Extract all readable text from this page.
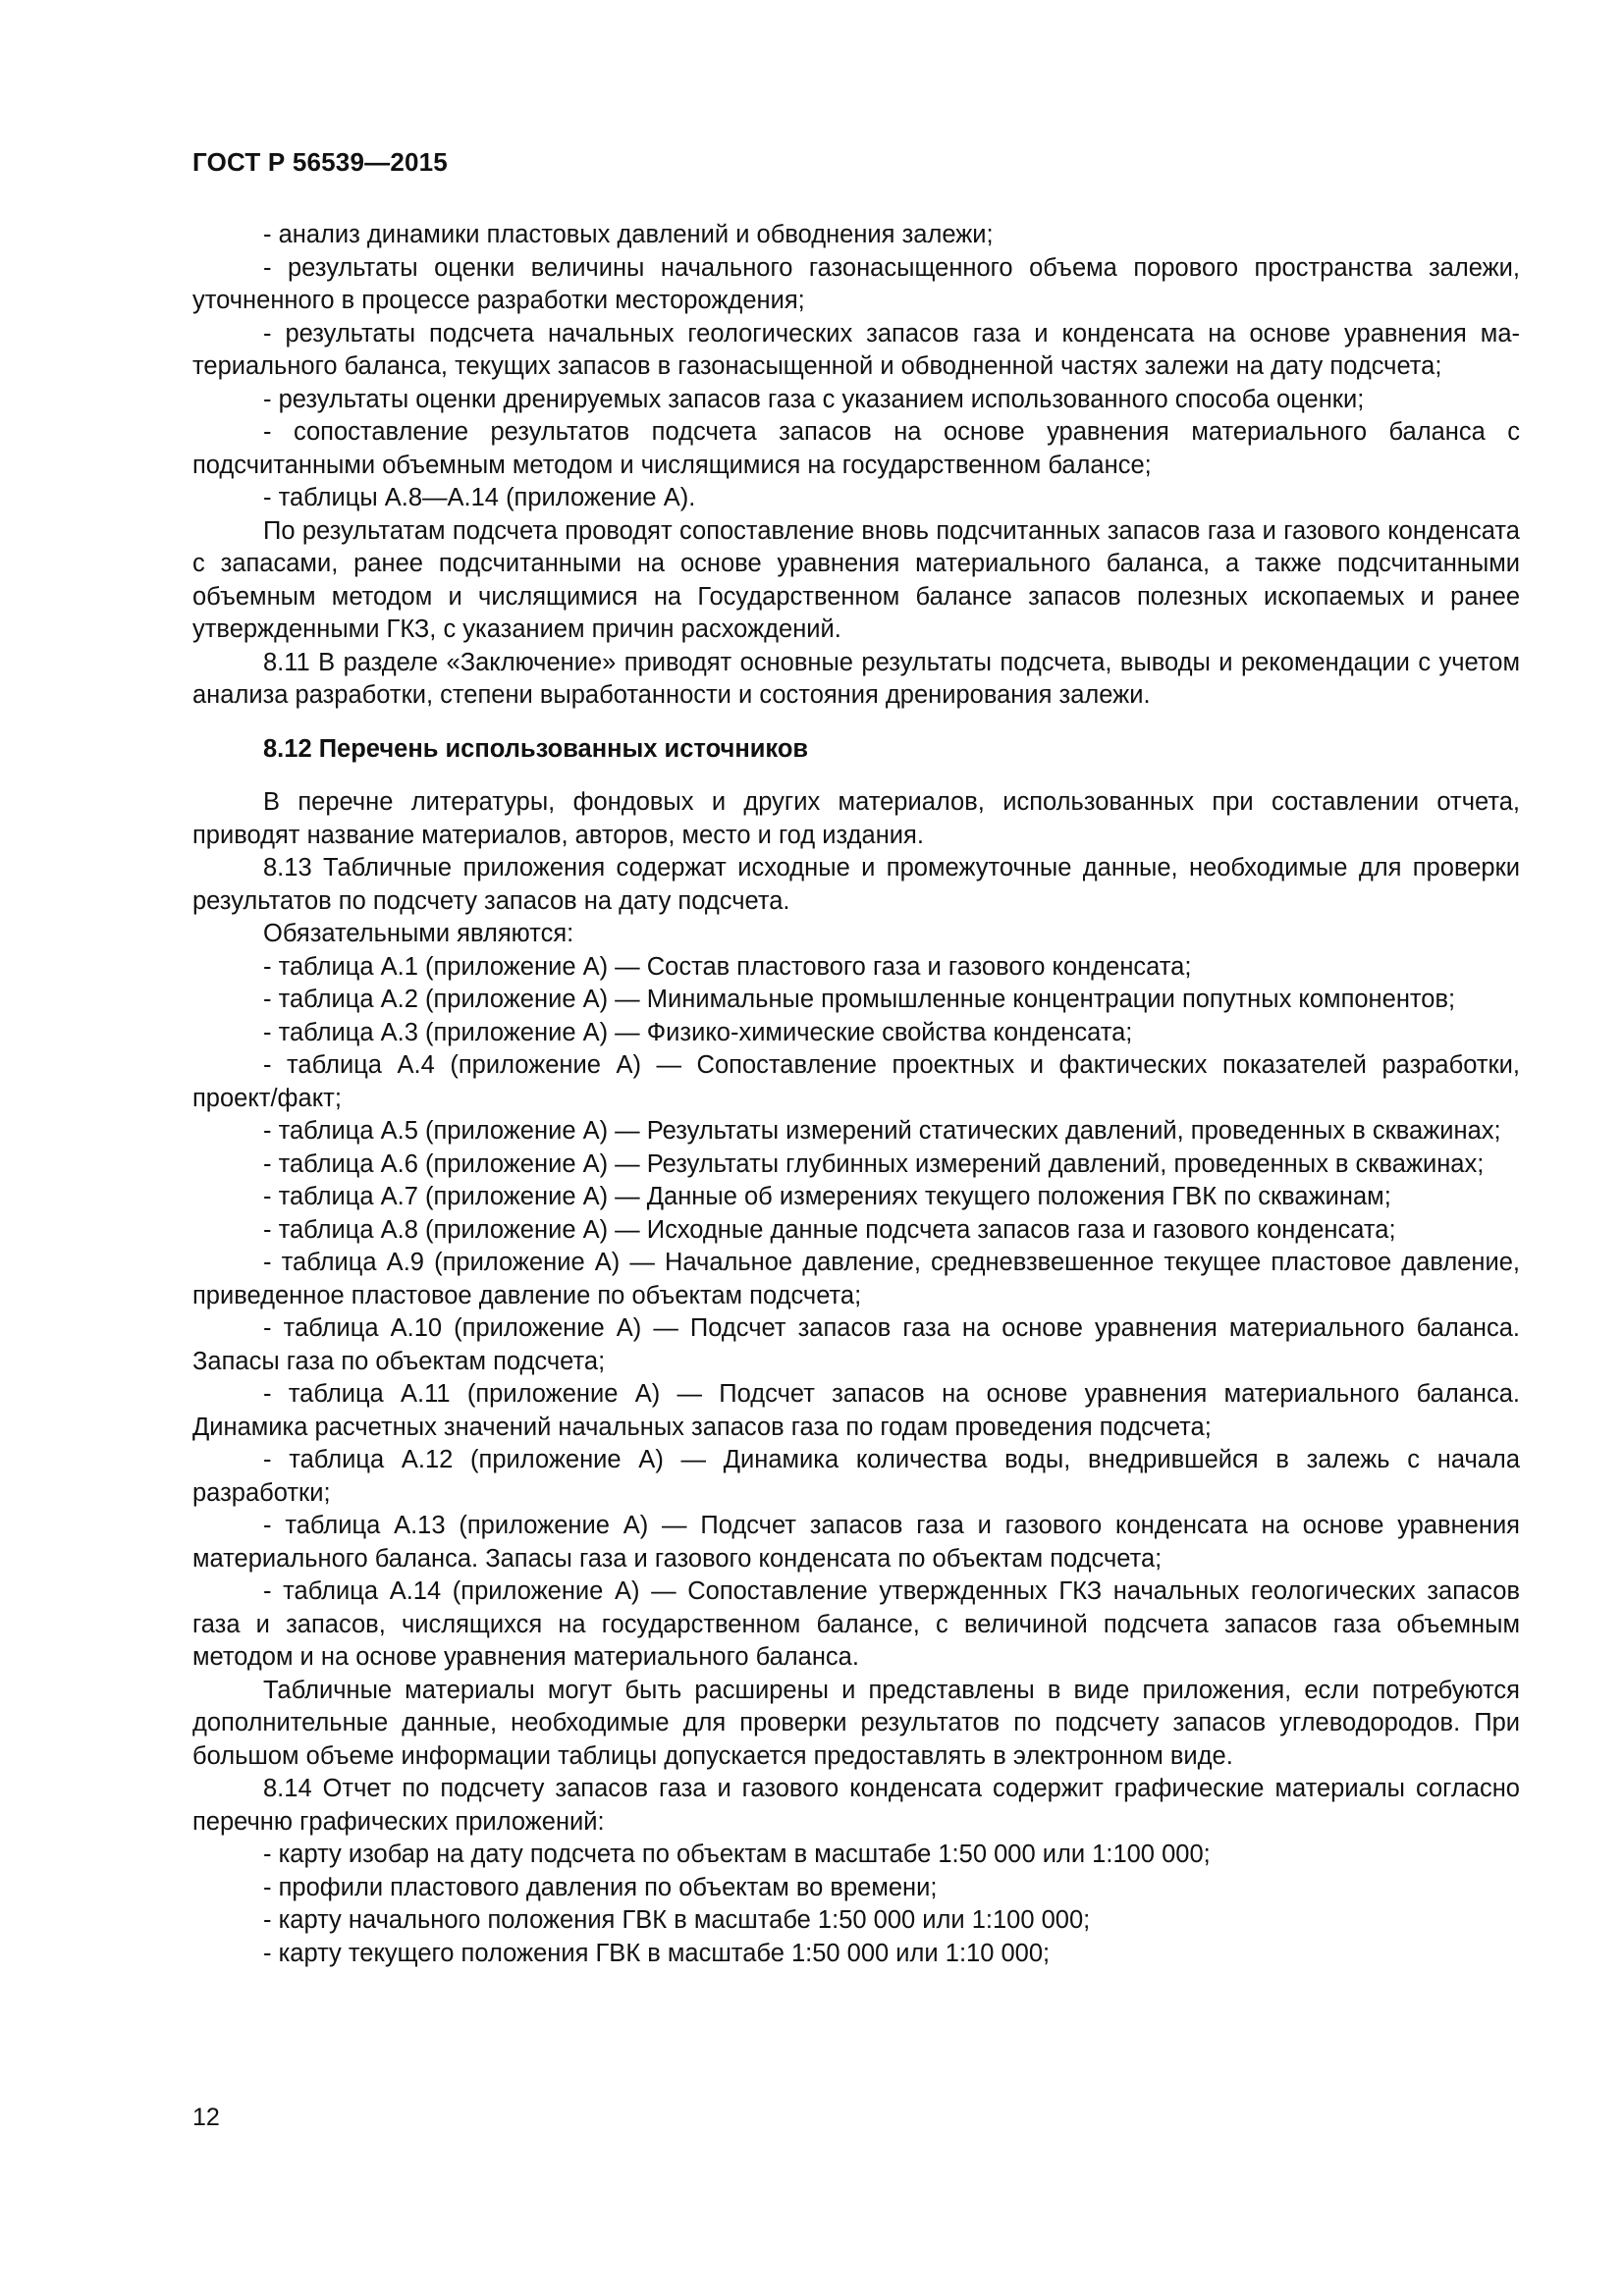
ГОСТ Р 56539—2015

- анализ динамики пластовых давлений и обводнения залежи;

- результаты оценки величины начального газонасыщенного объема порового пространства залежи, уточненного в процессе разработки месторождения;

- результаты подсчета начальных геологических запасов газа и конденсата на основе уравнения материального баланса, текущих запасов в газонасыщенной и обводненной частях залежи на дату подсчета;

- результаты оценки дренируемых запасов газа с указанием использованного способа оценки;

- сопоставление результатов подсчета запасов на основе уравнения материального баланса с подсчитанными объемным методом и числящимися на государственном балансе;

- таблицы А.8—А.14 (приложение А).

По результатам подсчета проводят сопоставление вновь подсчитанных запасов газа и газового конденсата с запасами, ранее подсчитанными на основе уравнения материального баланса, а также подсчитанными объемным методом и числящимися на Государственном балансе запасов полезных ископаемых и ранее утвержденными ГКЗ, с указанием причин расхождений.

8.11 В разделе «Заключение» приводят основные результаты подсчета, выводы и рекомендации с учетом анализа разработки, степени выработанности и состояния дренирования залежи.

8.12 Перечень использованных источников

В перечне литературы, фондовых и других материалов, использованных при составлении отчета, приводят название материалов, авторов, место и год издания.

8.13 Табличные приложения содержат исходные и промежуточные данные, необходимые для проверки результатов по подсчету запасов на дату подсчета.

Обязательными являются:

- таблица А.1 (приложение А) — Состав пластового газа и газового конденсата;

- таблица А.2 (приложение А) — Минимальные промышленные концентрации попутных компонентов;

- таблица А.3 (приложение А) — Физико-химические свойства конденсата;

- таблица А.4 (приложение А) — Сопоставление проектных и фактических показателей разработки, проект/факт;

- таблица А.5 (приложение А) — Результаты измерений статических давлений, проведенных в скважинах;

- таблица А.6 (приложение А) — Результаты глубинных измерений давлений, проведенных в скважинах;

- таблица А.7 (приложение А) — Данные об измерениях текущего положения ГВК по скважинам;

- таблица А.8 (приложение А) — Исходные данные подсчета запасов газа и газового конденсата;

- таблица А.9 (приложение А) — Начальное давление, средневзвешенное текущее пластовое давление, приведенное пластовое давление по объектам подсчета;

- таблица А.10 (приложение А) — Подсчет запасов газа на основе уравнения материального баланса. Запасы газа по объектам подсчета;

- таблица А.11 (приложение А) — Подсчет запасов на основе уравнения материального баланса. Динамика расчетных значений начальных запасов газа по годам проведения подсчета;

- таблица А.12 (приложение А) — Динамика количества воды, внедрившейся в залежь с начала разработки;

- таблица А.13 (приложение А) — Подсчет запасов газа и газового конденсата на основе уравнения материального баланса. Запасы газа и газового конденсата по объектам подсчета;

- таблица А.14 (приложение А) — Сопоставление утвержденных ГКЗ начальных геологических запасов газа и запасов, числящихся на государственном балансе, с величиной подсчета запасов газа объемным методом и на основе уравнения материального баланса.

Табличные материалы могут быть расширены и представлены в виде приложения, если потребуются дополнительные данные, необходимые для проверки результатов по подсчету запасов углеводородов. При большом объеме информации таблицы допускается предоставлять в электронном виде.

8.14 Отчет по подсчету запасов газа и газового конденсата содержит графические материалы согласно перечню графических приложений:

- карту изобар на дату подсчета по объектам в масштабе 1:50 000 или 1:100 000;

- профили пластового давления по объектам во времени;

- карту начального положения ГВК в масштабе 1:50 000 или 1:100 000;

- карту текущего положения ГВК в масштабе 1:50 000 или 1:10 000;

12
